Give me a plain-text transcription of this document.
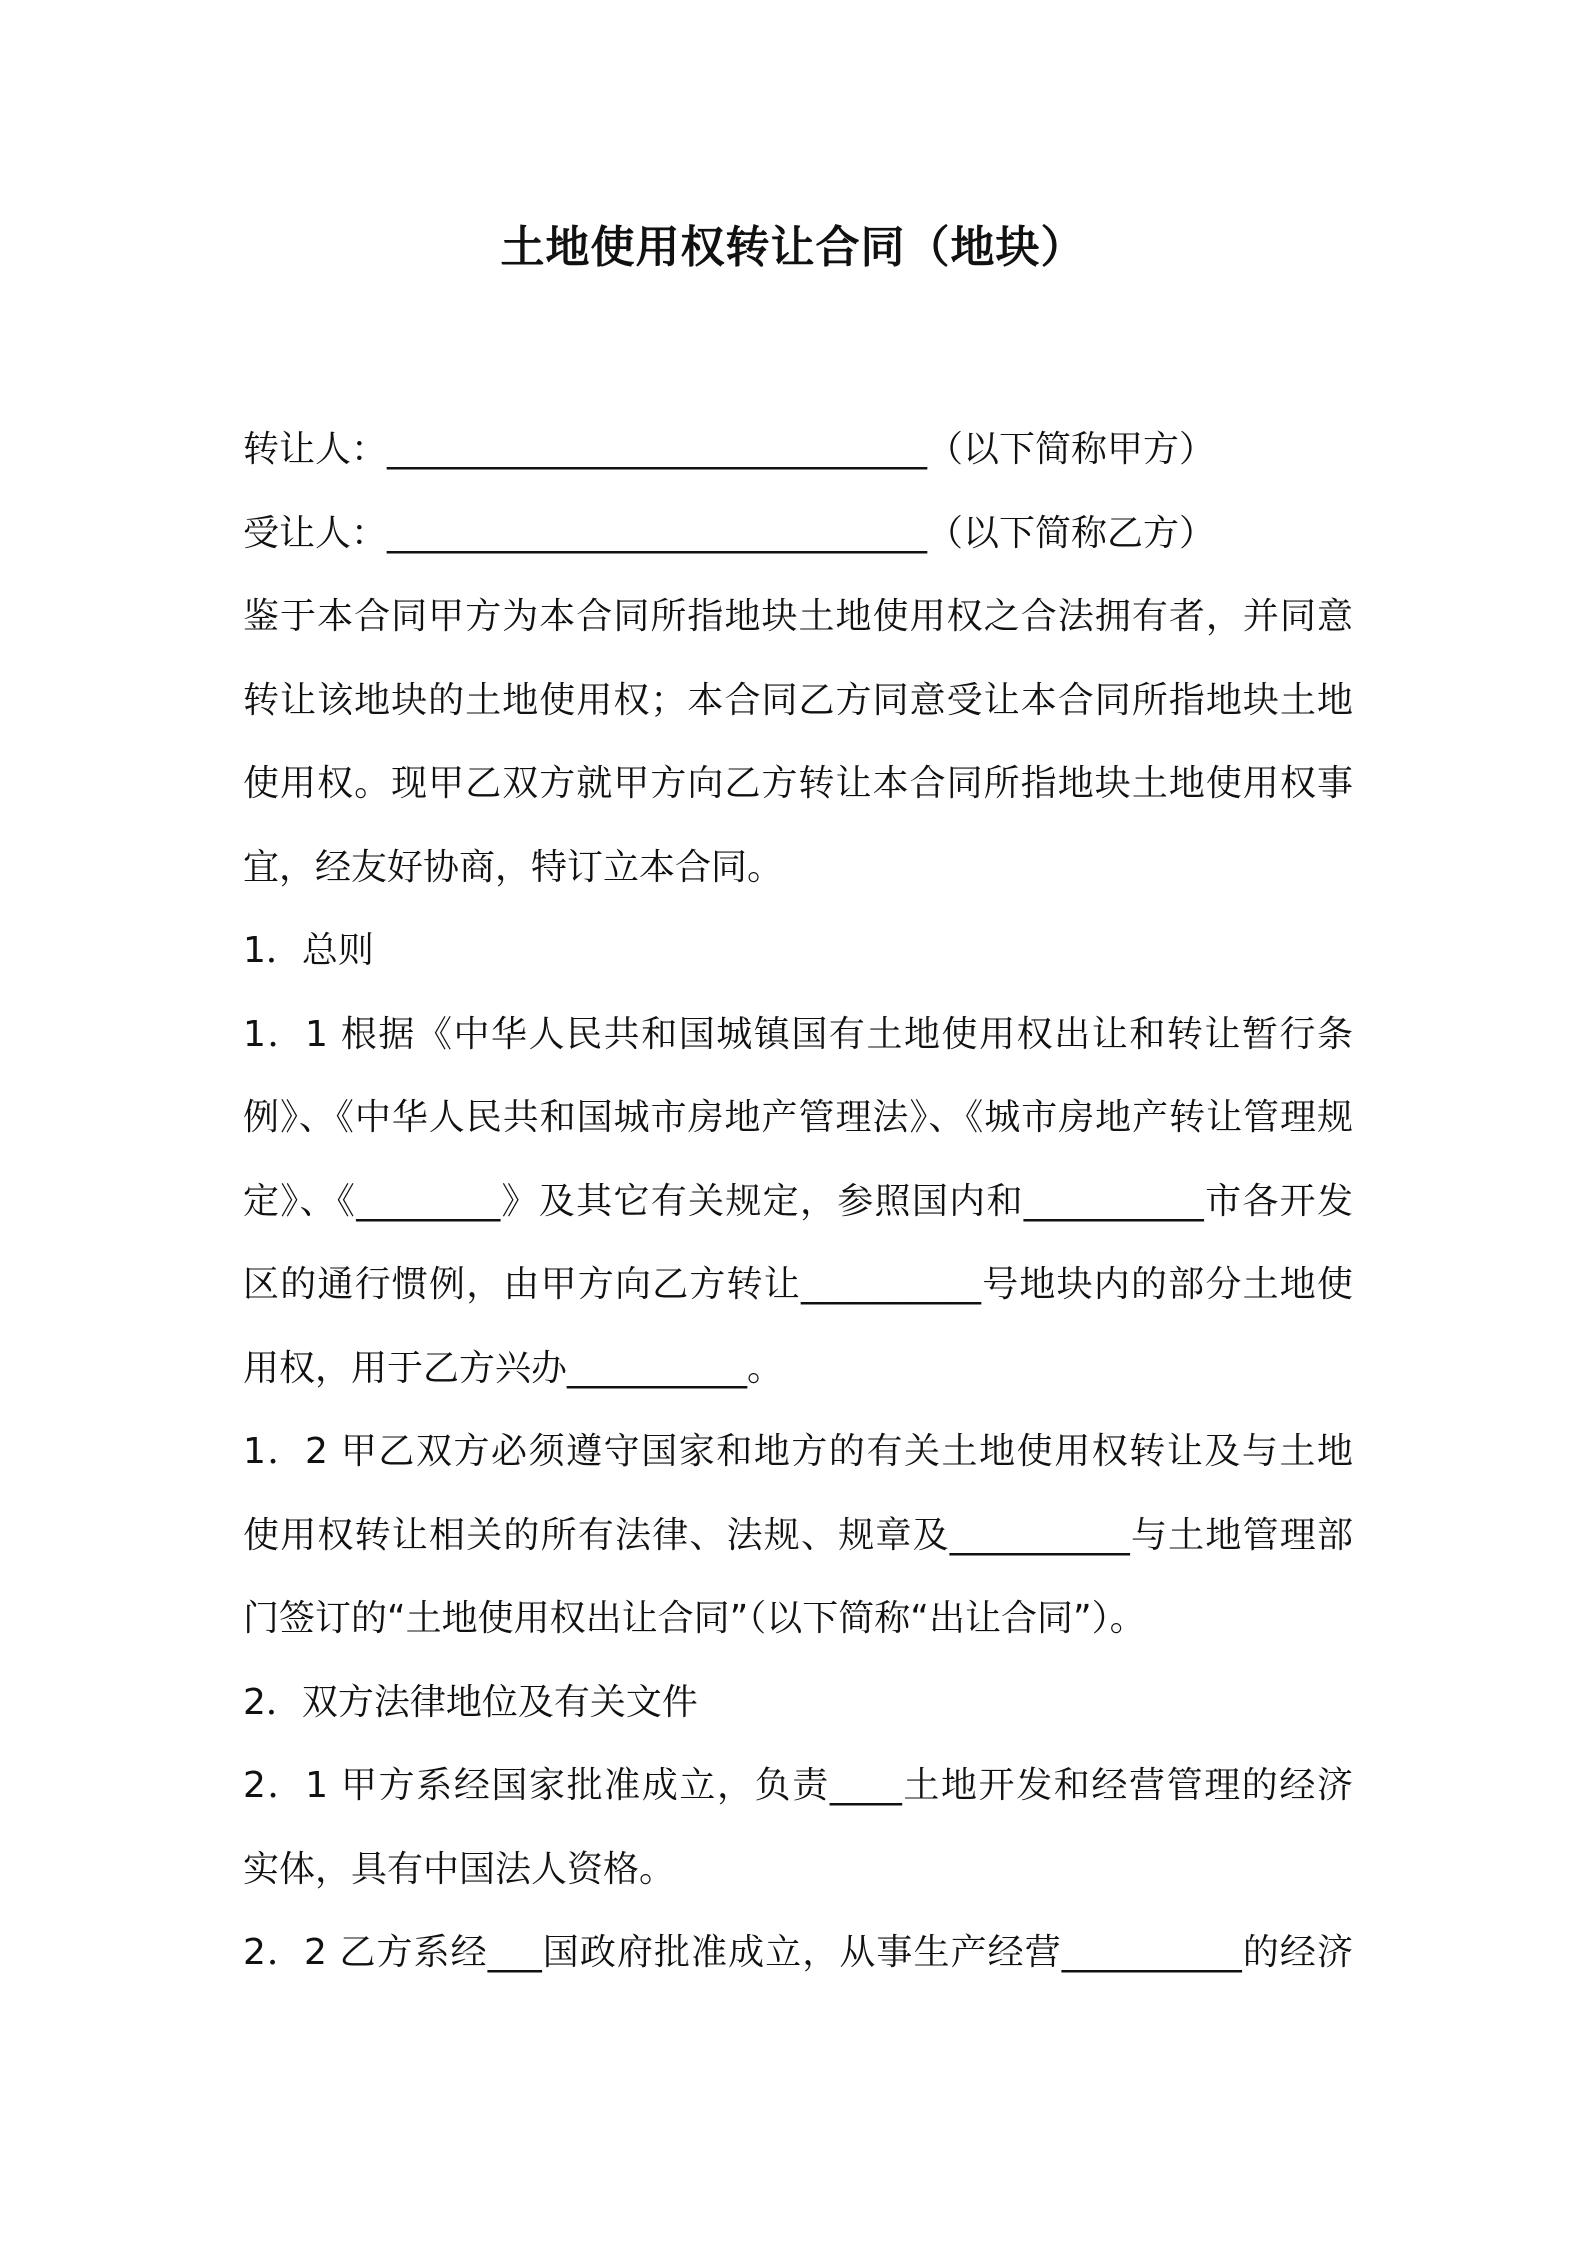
土地使用权转让合同（地块）
转让人：______________________________（以下简称甲方）
受让人：______________________________（以下简称乙方）
鉴于本合同甲方为本合同所指地块土地使用权之合法拥有者，并同意
转让该地块的土地使用权；本合同乙方同意受让本合同所指地块土地
使用权。现甲乙双方就甲方向乙方转让本合同所指地块土地使用权事
宜，经友好协商，特订立本合同。
1．总则
1．1 根据《中华人民共和国城镇国有土地使用权出让和转让暂行条
例》、《中华人民共和国城市房地产管理法》、《城市房地产转让管理规
定》、《________》及其它有关规定，参照国内和__________市各开发
区的通行惯例，由甲方向乙方转让__________号地块内的部分土地使
用权，用于乙方兴办__________。
1．2 甲乙双方必须遵守国家和地方的有关土地使用权转让及与土地
使用权转让相关的所有法律、法规、规章及__________与土地管理部
门签订的“土地使用权出让合同”（以下简称“出让合同”）。
2．双方法律地位及有关文件
2．1 甲方系经国家批准成立，负责____土地开发和经营管理的经济
实体，具有中国法人资格。
2．2 乙方系经___国政府批准成立，从事生产经营__________的经济
